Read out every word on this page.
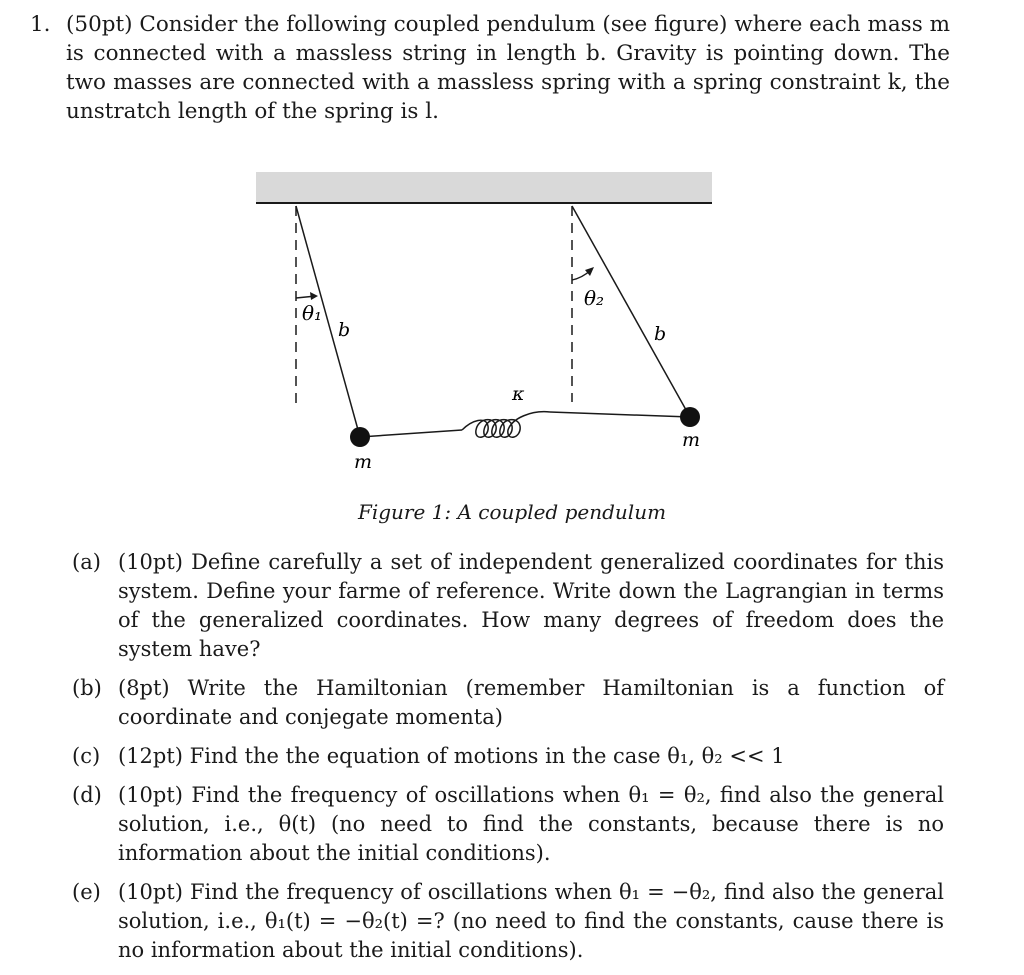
1. (50pt) Consider the following coupled pendulum (see figure) where each mass m is connected with a massless string in length b. Gravity is pointing down. The two masses are connected with a massless spring with a spring constraint k, the unstratch length of the spring is l.
θ₁
θ₂
b	b
κ
m
m
Figure 1: A coupled pendulum
(a) (10pt) Define carefully a set of independent generalized coordinates for this system. Define your farme of reference. Write down the Lagrangian in terms of the generalized coordinates. How many degrees of freedom does the system have?
(b) (8pt) Write the Hamiltonian (remember Hamiltonian is a function of coordinate and conjegate momenta)
(c) (12pt) Find the the equation of motions in the case θ₁, θ₂ << 1
(d) (10pt) Find the frequency of oscillations when θ₁ = θ₂, find also the general solution, i.e., θ(t) (no need to find the constants, because there is no information about the initial conditions).
(e) (10pt) Find the frequency of oscillations when θ₁ = −θ₂, find also the general solution, i.e., θ₁(t) = −θ₂(t) =? (no need to find the constants, cause there is no information about the initial conditions).
